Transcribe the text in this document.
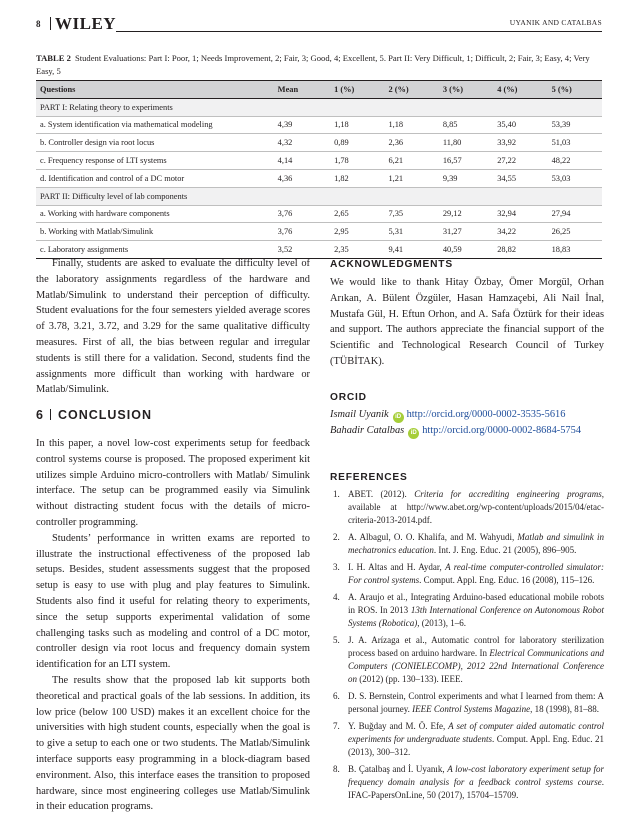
8 WILEY	UYANIK AND CATALBAS
TABLE 2 Student Evaluations: Part I: Poor, 1; Needs Improvement, 2; Fair, 3; Good, 4; Excellent, 5. Part II: Very Difficult, 1; Difficult, 2; Fair, 3; Easy, 4; Very Easy, 5
Questions	Mean	1 (%)	2 (%)	3 (%)	4 (%)	5 (%)
PART I: Relating theory to experiments						
a. System identification via mathematical modeling	4,39	1,18	1,18	8,85	35,40	53,39
b. Controller design via root locus	4,32	0,89	2,36	11,80	33,92	51,03
c. Frequency response of LTI systems	4,14	1,78	6,21	16,57	27,22	48,22
d. Identification and control of a DC motor	4,36	1,82	1,21	9,39	34,55	53,03
PART II: Difficulty level of lab components						
a. Working with hardware components	3,76	2,65	7,35	29,12	32,94	27,94
b. Working with Matlab/Simulink	3,76	2,95	5,31	31,27	34,22	26,25
c. Laboratory assignments	3,52	2,35	9,41	40,59	28,82	18,83

Finally, students are asked to evaluate the difficulty level of the laboratory assignments regardless of the hardware and Matlab/Simulink to understand their perception of difficulty. Student evaluations for the four semesters yielded average scores of 3.78, 3.21, 3.72, and 3.29 for the same qualitative difficulty measures. First of all, the bias between regular and irregular students is still there for a validation. Second, students find the assignments more difficult than working with hardware or Matlab/Simulink.

6 CONCLUSION

In this paper, a novel low-cost experiments setup for feedback control systems course is proposed. The proposed experiment kit utilizes simple Arduino micro-controllers with Matlab/ Simulink interface. The setup can be programmed easily via Simulink without distracting student focus with the details of micro-controller programming.

Students’ performance in written exams are reported to illustrate the instructional effectiveness of the proposed lab setups. Besides, student assessments suggest that the proposed setup is easy to use with plug and play features to Simulink. Students also find it useful for relating theory to experiments, since the setup supports experimental validation of some challenging tasks such as modeling and control of a DC motor, controller design via root locus and frequency domain system identification for an LTI system.

The results show that the proposed lab kit supports both theoretical and practical goals of the lab sessions. In addition, its low price (below 100 USD) makes it an excellent choice for the universities with high student counts, especially when the goal is to give a setup to each one or two students. The Matlab/Simulink interface supports easy programming in a block-diagram based environment. Also, this interface eases the transition to proposed hardware, since most engineering colleges use Matlab/Simulink in their education programs.

ACKNOWLEDGMENTS

We would like to thank Hitay Özbay, Ömer Morgül, Orhan Arıkan, A. Bülent Özgüler, Hasan Hamzaçebi, Ali Nail İnal, Mustafa Gül, H. Eftun Orhon, and A. Safa Öztürk for their ideas and support. The authors appreciate the financial support of the Scientific and Technological Research Council of Turkey (TÜBİTAK).

ORCID
Ismail Uyanik iD http://orcid.org/0000-0002-3535-5616
Bahadir Catalbas iD http://orcid.org/0000-0002-8684-5754
REFERENCES
1. ABET. (2012). Criteria for accrediting engineering programs, available at http://www.abet.org/wp-content/uploads/2015/04/etac-criteria-2013-2014.pdf.
2. A. Albagul, O. O. Khalifa, and M. Wahyudi, Matlab and simulink in mechatronics education. Int. J. Eng. Educ. 21 (2005), 896–905.
3. I. H. Altas and H. Aydar, A real-time computer-controlled simulator: For control systems. Comput. Appl. Eng. Educ. 16 (2008), 115–126.
4. A. Araujo et al., Integrating Arduino-based educational mobile robots in ROS. In 2013 13th International Conference on Autonomous Robot Systems (Robotica), (2013), 1–6.
5. J. A. Arízaga et al., Automatic control for laboratory sterilization process based on arduino hardware. In Electrical Communications and Computers (CONIELECOMP), 2012 22nd International Conference on (2012) (pp. 130–133). IEEE.
6. D. S. Bernstein, Control experiments and what I learned from them: A personal journey. IEEE Control Systems Magazine, 18 (1998), 81–88.
7. Y. Buğday and M. Ö. Efe, A set of computer aided automatic control experiments for undergraduate students. Comput. Appl. Eng. Educ. 21 (2013), 300–312.
8. B. Çatalbaş and İ. Uyanık, A low-cost laboratory experiment setup for frequency domain analysis for a feedback control systems course. IFAC-PapersOnLine, 50 (2017), 15704–15709.
